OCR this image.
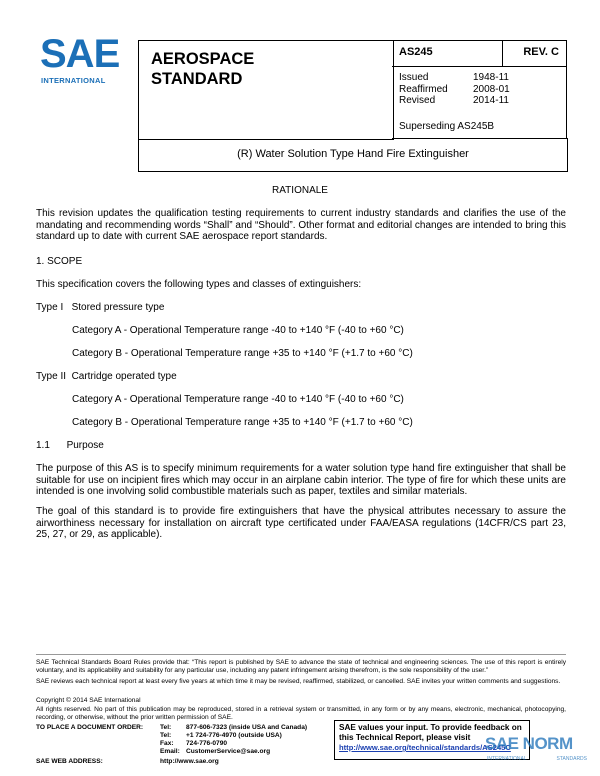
SAE
INTERNATIONAL
AEROSPACE
STANDARD
AS245	REV. C
Issued	1948-11
Reaffirmed	2008-01
Revised	2014-11
Superseding AS245B
(R) Water Solution Type Hand Fire Extinguisher
RATIONALE
This revision updates the qualification testing requirements to current industry standards and clarifies the use of the mandating and recommending words “Shall” and “Should”. Other format and editorial changes are intended to bring this standard up to date with current SAE aerospace report standards.
1. SCOPE
This specification covers the following types and classes of extinguishers:
Type I   Stored pressure type
Category A - Operational Temperature range -40 to +140 °F (-40 to +60 °C)
Category B - Operational Temperature range +35 to +140 °F (+1.7 to +60 °C)
Type II  Cartridge operated type
Category A - Operational Temperature range -40 to +140 °F (-40 to +60 °C)
Category B - Operational Temperature range +35 to +140 °F (+1.7 to +60 °C)
1.1      Purpose
The purpose of this AS is to specify minimum requirements for a water solution type hand fire extinguisher that shall be suitable for use on incipient fires which may occur in an airplane cabin interior. The type of fire for which these units are intended is one involving solid combustible materials such as paper, textiles and similar materials.
The goal of this standard is to provide fire extinguishers that have the physical attributes necessary to assure the airworthiness necessary for installation on aircraft type certificated under FAA/EASA regulations (14CFR/CS part 23, 25, 27, or 29, as applicable).
SAE Technical Standards Board Rules provide that: “This report is published by SAE to advance the state of technical and engineering sciences. The use of this report is entirely voluntary, and its applicability and suitability for any particular use, including any patent infringement arising therefrom, is the sole responsibility of the user.”
SAE reviews each technical report at least every five years at which time it may be revised, reaffirmed, stabilized, or cancelled. SAE invites your written comments and suggestions.
Copyright © 2014 SAE International
All rights reserved. No part of this publication may be reproduced, stored in a retrieval system or transmitted, in any form or by any means, electronic, mechanical, photocopying, recording, or otherwise, without the prior written permission of SAE.
TO PLACE A DOCUMENT ORDER:	Tel: 877-606-7323 (inside USA and Canada)
Tel: +1 724-776-4970 (outside USA)
Fax: 724-776-0790
Email: CustomerService@sae.org
SAE WEB ADDRESS:	http://www.sae.org
SAE values your input. To provide feedback on this Technical Report, please visit
http://www.sae.org/technical/standards/AS245C
SAE NORM
INTERNATIONAL	STANDARDS
